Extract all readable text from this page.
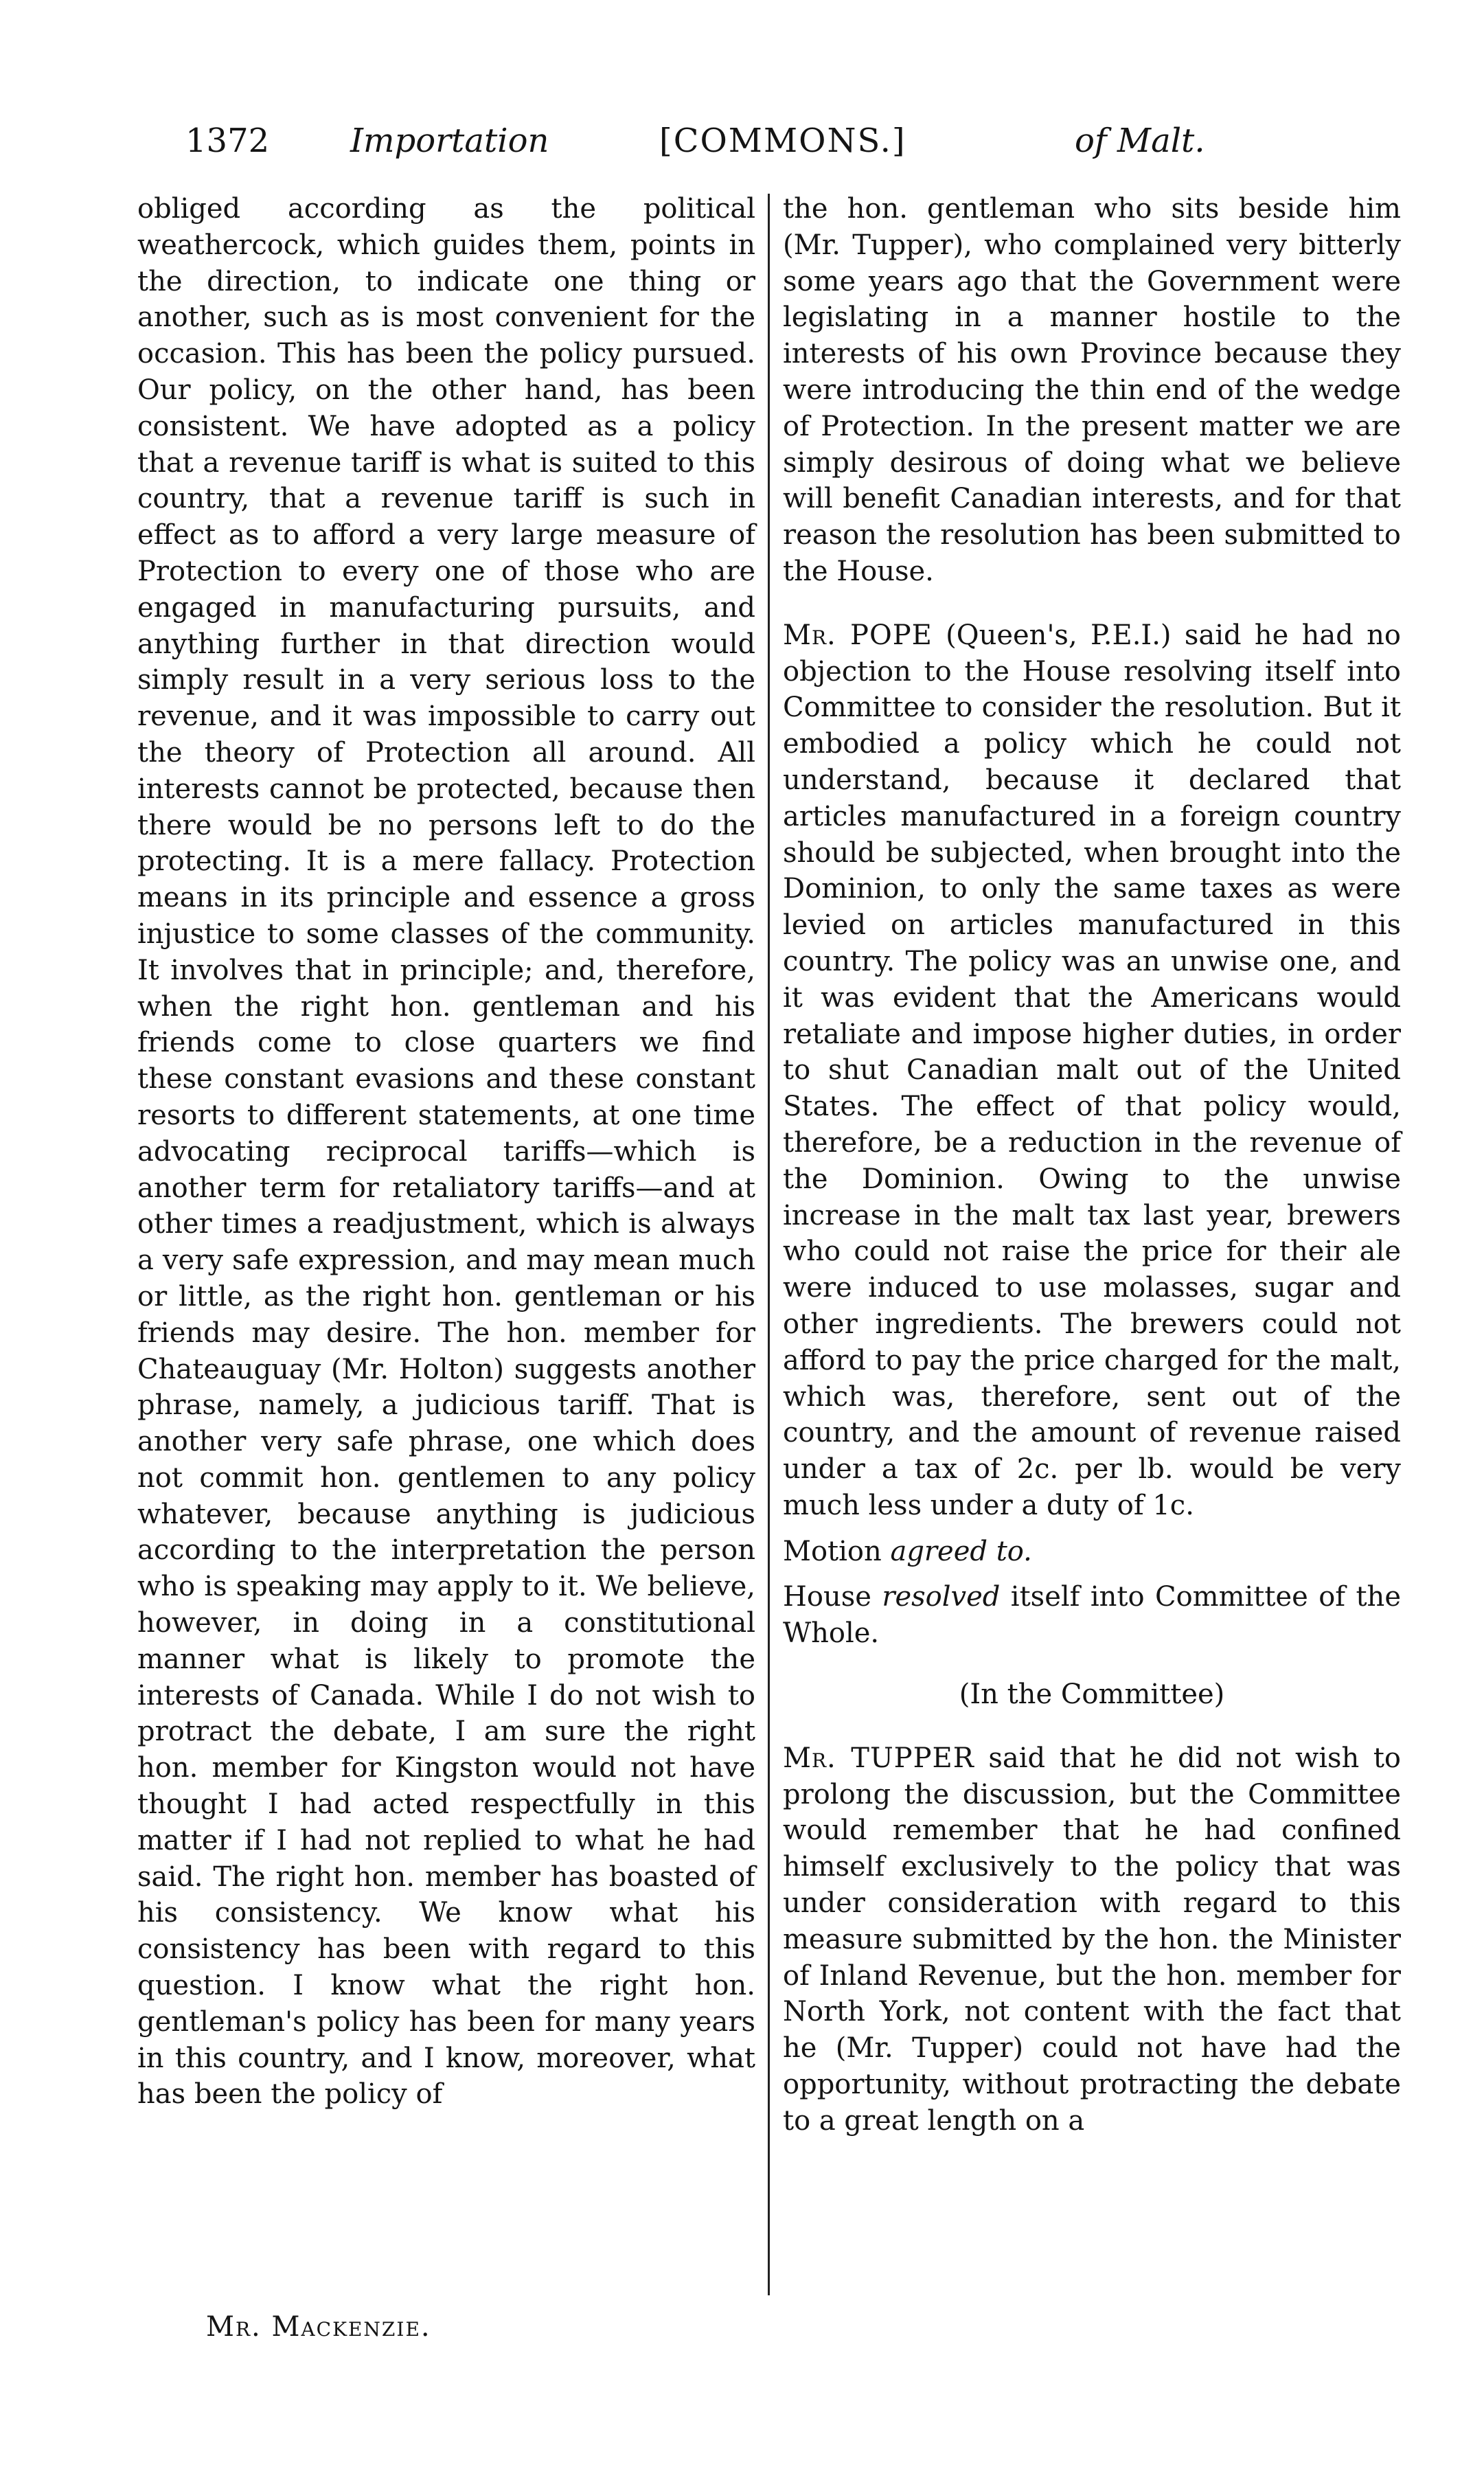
1372 Importation	[COMMONS.]	of Malt.

obliged according as the political weathercock, which guides them, points in the direction, to indicate one thing or another, such as is most convenient for the occasion. This has been the policy pursued. Our policy, on the other hand, has been consistent. We have adopted as a policy that a revenue tariff is what is suited to this country, that a revenue tariff is such in effect as to afford a very large measure of Protection to every one of those who are engaged in manufacturing pursuits, and anything further in that direction would simply result in a very serious loss to the revenue, and it was impossible to carry out the theory of Protection all around. All interests cannot be protected, because then there would be no persons left to do the protecting. It is a mere fallacy. Protection means in its principle and essence a gross injustice to some classes of the community. It involves that in principle; and, therefore, when the right hon. gentleman and his friends come to close quarters we find these constant evasions and these constant resorts to different statements, at one time advocating reciprocal tariffs—which is another term for retaliatory tariffs—and at other times a readjustment, which is always a very safe expression, and may mean much or little, as the right hon. gentleman or his friends may desire. The hon. member for Chateauguay (Mr. Holton) suggests another phrase, namely, a judicious tariff. That is another very safe phrase, one which does not commit hon. gentlemen to any policy whatever, because anything is judicious according to the interpretation the person who is speaking may apply to it. We believe, however, in doing in a constitutional manner what is likely to promote the interests of Canada. While I do not wish to protract the debate, I am sure the right hon. member for Kingston would not have thought I had acted respectfully in this matter if I had not replied to what he had said. The right hon. member has boasted of his consistency. We know what his consistency has been with regard to this question. I know what the right hon. gentleman's policy has been for many years in this country, and I know, moreover, what has been the policy of

the hon. gentleman who sits beside him (Mr. Tupper), who complained very bitterly some years ago that the Government were legislating in a manner hostile to the interests of his own Province because they were introducing the thin end of the wedge of Protection. In the present matter we are simply desirous of doing what we believe will benefit Canadian interests, and for that reason the resolution has been submitted to the House.

Mr. POPE (Queen's, P.E.I.) said he had no objection to the House resolving itself into Committee to consider the resolution. But it embodied a policy which he could not understand, because it declared that articles manufactured in a foreign country should be subjected, when brought into the Dominion, to only the same taxes as were levied on articles manufactured in this country. The policy was an unwise one, and it was evident that the Americans would retaliate and impose higher duties, in order to shut Canadian malt out of the United States. The effect of that policy would, therefore, be a reduction in the revenue of the Dominion. Owing to the unwise increase in the malt tax last year, brewers who could not raise the price for their ale were induced to use molasses, sugar and other ingredients. The brewers could not afford to pay the price charged for the malt, which was, therefore, sent out of the country, and the amount of revenue raised under a tax of 2c. per lb. would be very much less under a duty of 1c.

Motion agreed to.

House resolved itself into Committee of the Whole.

(In the Committee)

Mr. TUPPER said that he did not wish to prolong the discussion, but the Committee would remember that he had confined himself exclusively to the policy that was under consideration with regard to this measure submitted by the hon. the Minister of Inland Revenue, but the hon. member for North York, not content with the fact that he (Mr. Tupper) could not have had the opportunity, without protracting the debate to a great length on a

Mr. Mackenzie.
